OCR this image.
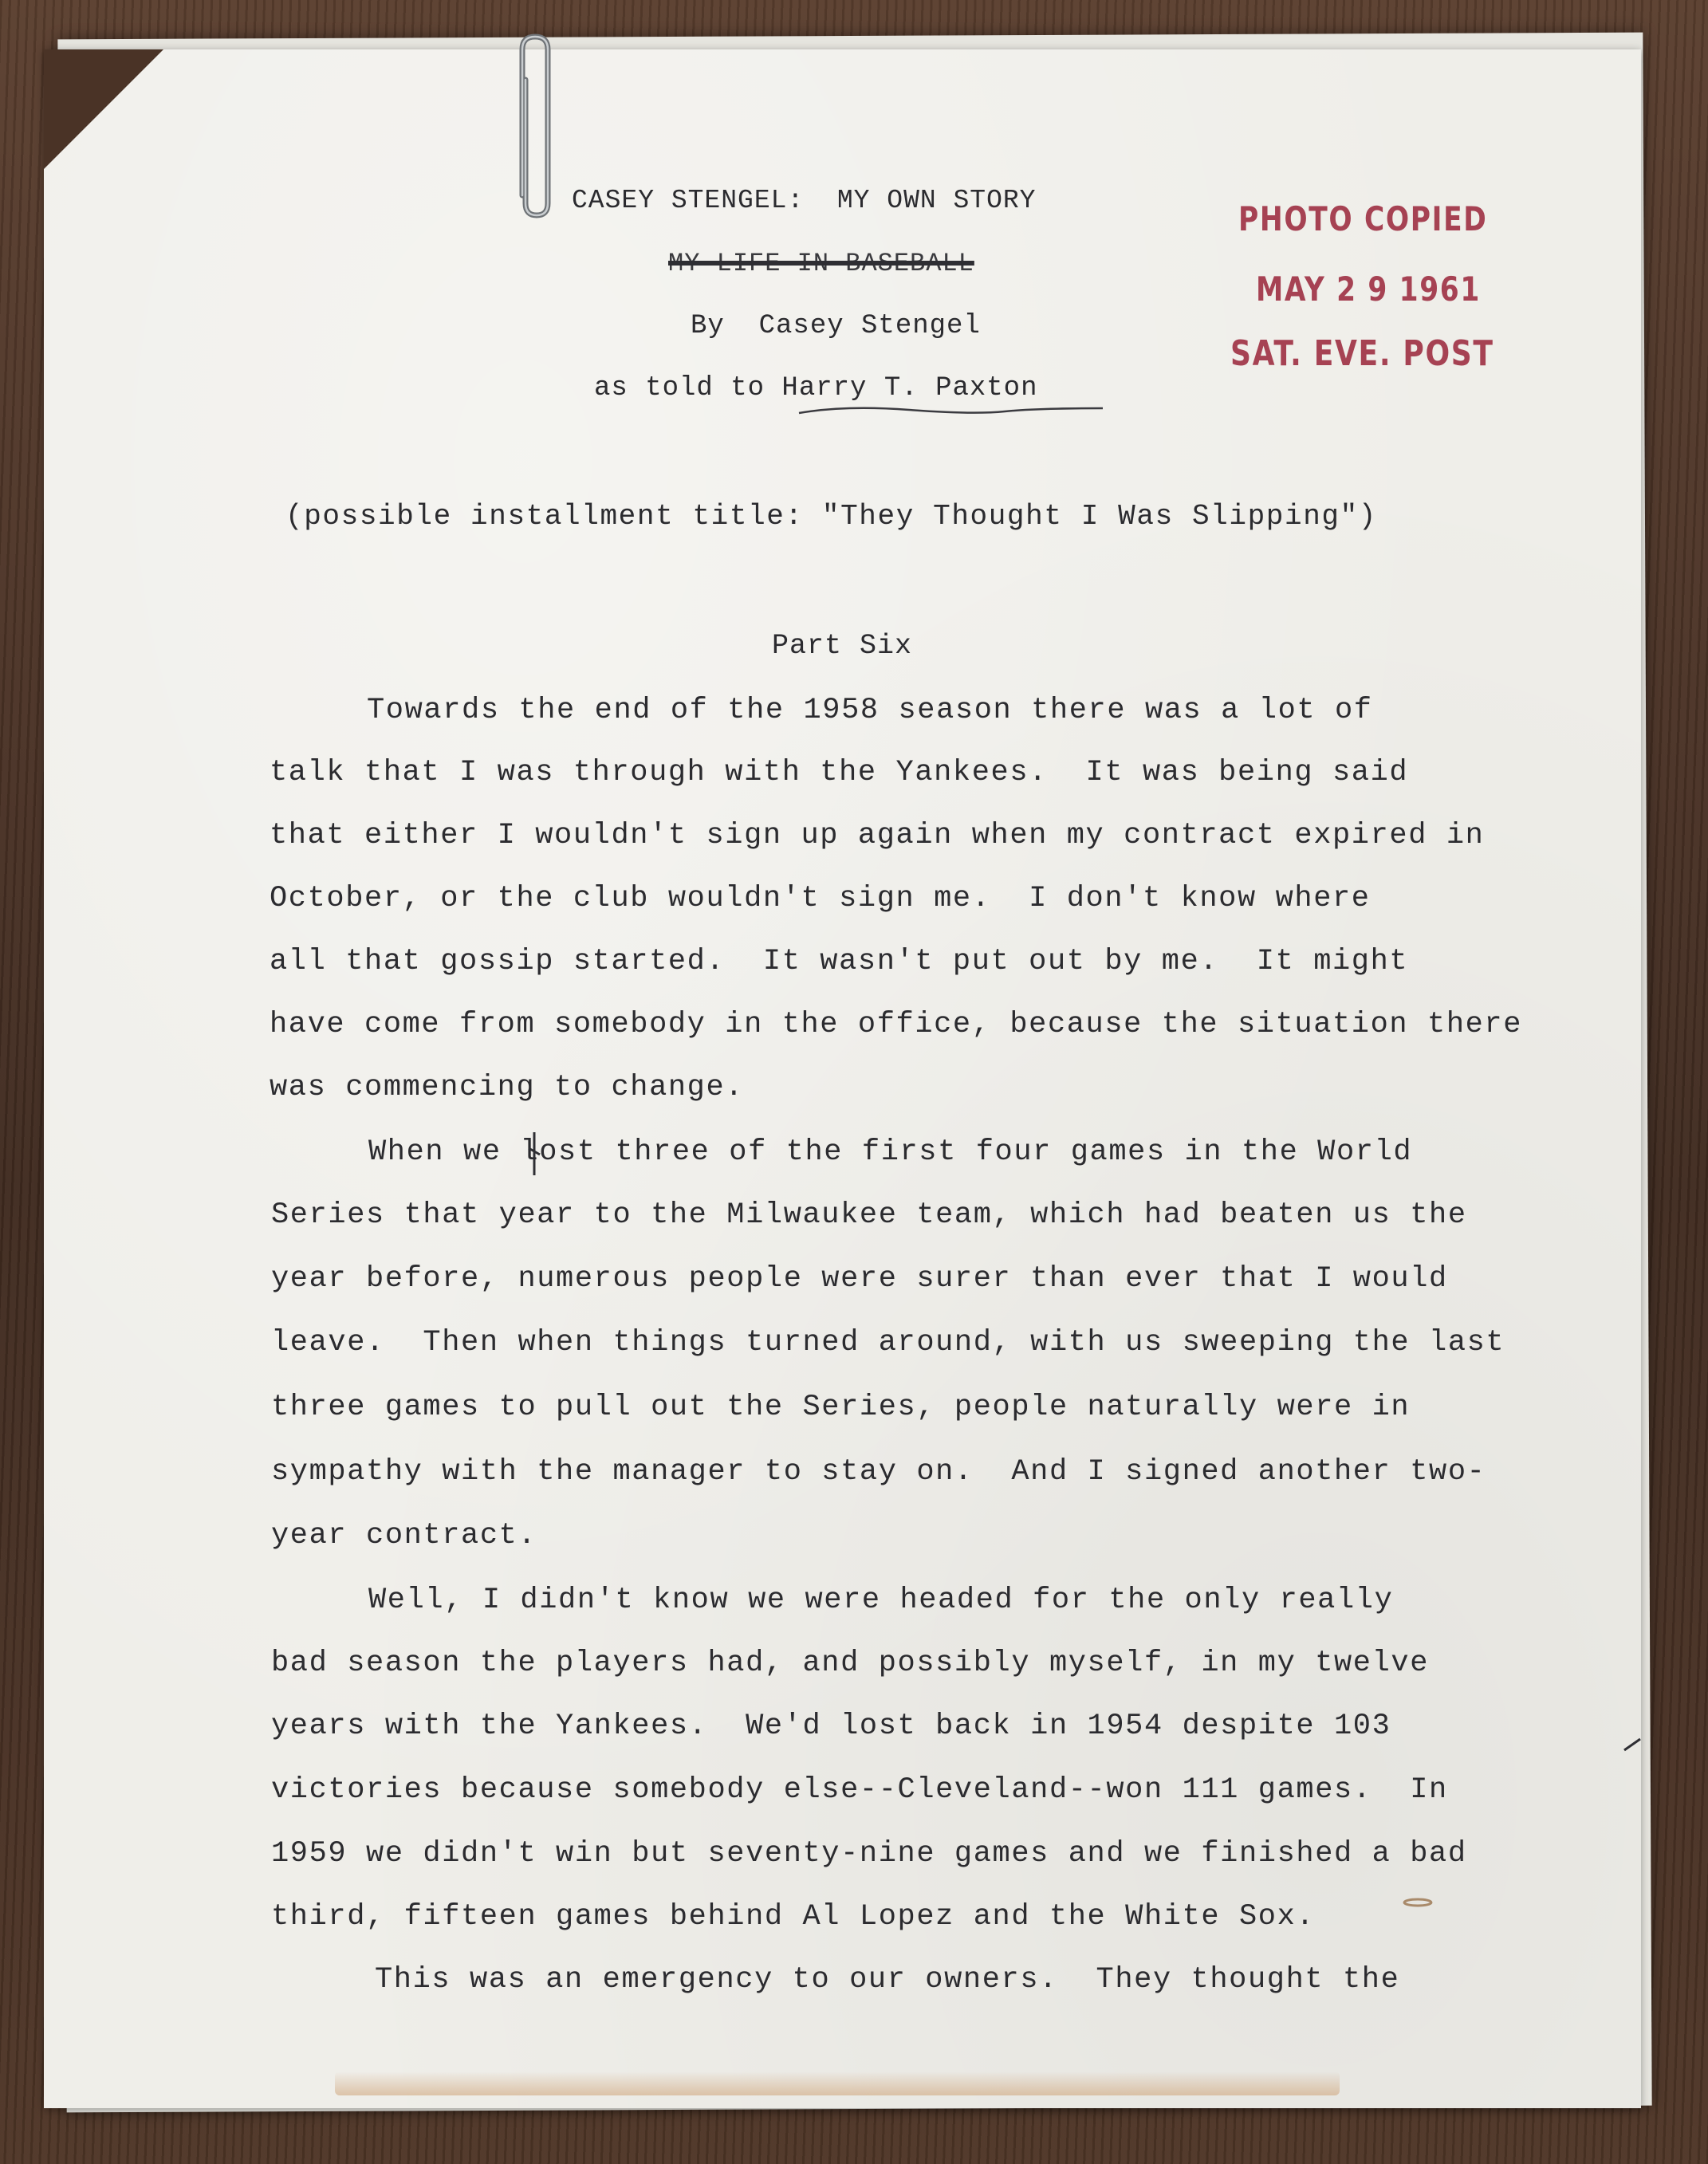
CASEY STENGEL:  MY OWN STORY
MY LIFE IN BASEBALL
By  Casey Stengel
as told to Harry T. Paxton
PHOTO COPIED
MAY 2 9 1961
SAT. EVE. POST
(possible installment title: "They Thought I Was Slipping")
Part Six
Towards the end of the 1958 season there was a lot of
talk that I was through with the Yankees.  It was being said
that either I wouldn't sign up again when my contract expired in
October, or the club wouldn't sign me.  I don't know where
all that gossip started.  It wasn't put out by me.  It might
have come from somebody in the office, because the situation there
was commencing to change.
When we lost three of the first four games in the World
Series that year to the Milwaukee team, which had beaten us the
year before, numerous people were surer than ever that I would
leave.  Then when things turned around, with us sweeping the last
three games to pull out the Series, people naturally were in
sympathy with the manager to stay on.  And I signed another two-
year contract.
Well, I didn't know we were headed for the only really
bad season the players had, and possibly myself, in my twelve
years with the Yankees.  We'd lost back in 1954 despite 103
victories because somebody else--Cleveland--won 111 games.  In
1959 we didn't win but seventy-nine games and we finished a bad
third, fifteen games behind Al Lopez and the White Sox.
This was an emergency to our owners.  They thought the
